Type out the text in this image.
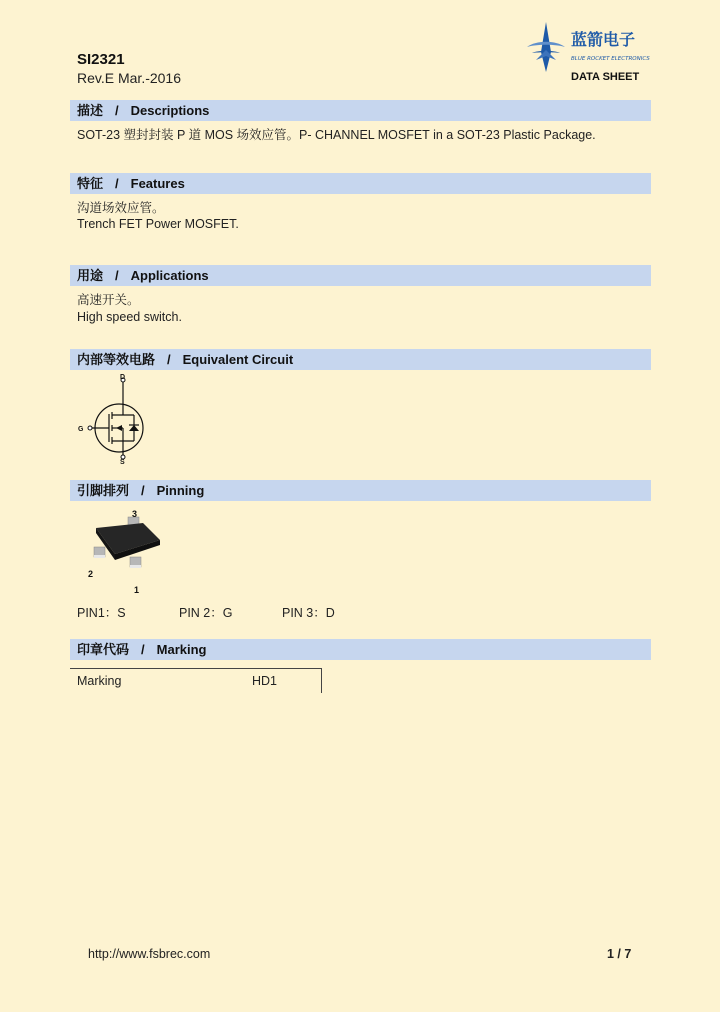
SI2321
Rev.E Mar.-2016
蓝箭电子
BLUE ROCKET ELECTRONICS
DATA SHEET
描述 / Descriptions
SOT-23 塑封封装 P 道 MOS 场效应管。P- CHANNEL MOSFET in a SOT-23 Plastic Package.
特征 / Features
沟道场效应管。
Trench FET Power MOSFET.
用途 / Applications
高速开关。
High speed switch.
内部等效电路 / Equivalent Circuit
D
G
S
引脚排列 / Pinning
3
2
1
PIN1：S	PIN 2：G	PIN 3：D
印章代码 / Marking
Marking	HD1
http://www.fsbrec.com	1 / 7
